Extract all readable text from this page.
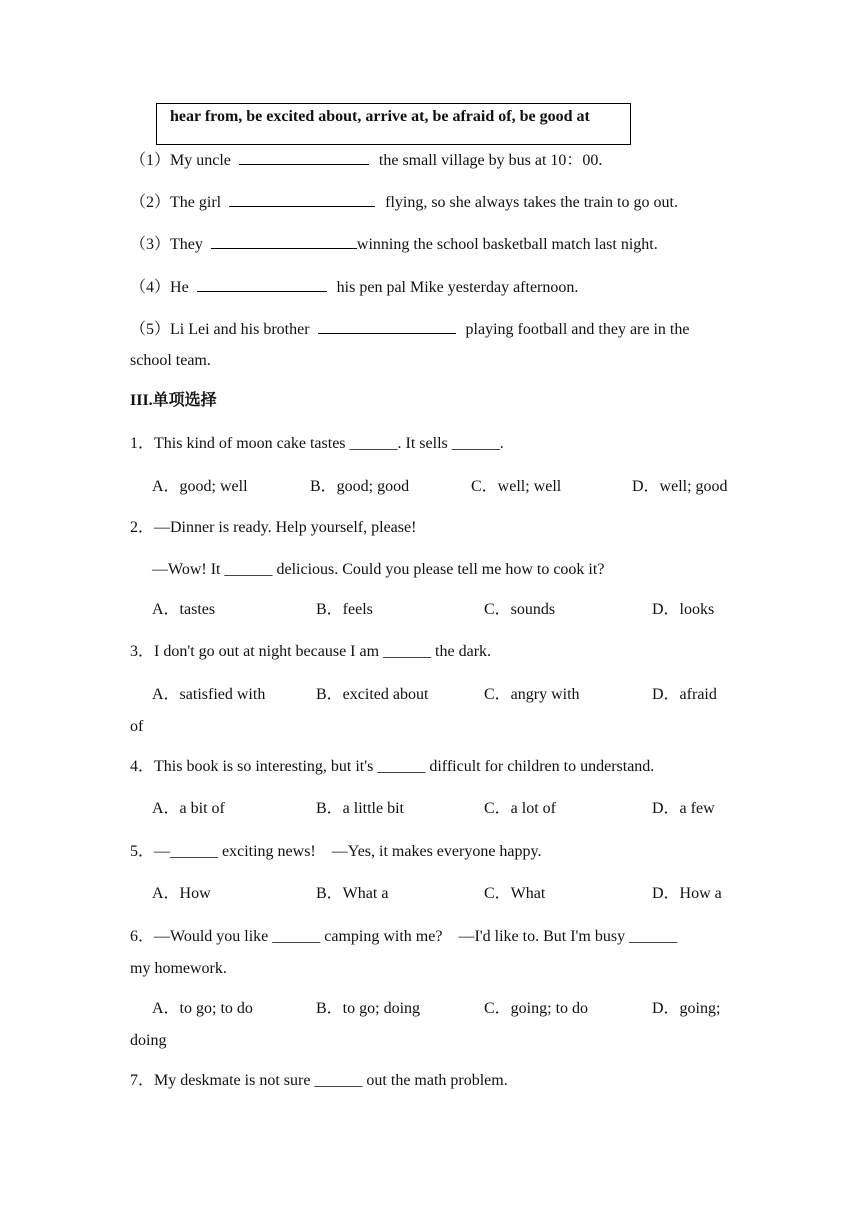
hear from, be excited about, arrive at, be afraid of, be good at
（1）My uncle	the small village by bus at 10：00.
（2）The girl	flying, so she always takes the train to go out.
（3）They	winning the school basketball match last night.
（4）He	his pen pal Mike yesterday afternoon.
（5）Li Lei and his brother	playing football and they are in the
school team.
III.单项选择
1．This kind of moon cake tastes ______. It sells ______.
A．good; well	B．good; good	C．well; well	D．well; good
2．—Dinner is ready. Help yourself, please!
—Wow! It ______ delicious. Could you please tell me how to cook it?
A．tastes	B．feels	C．sounds	D．looks
3．I don't go out at night because I am ______ the dark.
A．satisfied with	B．excited about	C．angry with	D．afraid
of
4．This book is so interesting, but it's ______ difficult for children to understand.
A．a bit of	B．a little bit	C．a lot of	D．a few
5．—______ exciting news!    —Yes, it makes everyone happy.
A．How	B．What a	C．What	D．How a
6．—Would you like ______ camping with me?    —I'd like to. But I'm busy ______
my homework.
A．to go; to do	B．to go; doing	C．going; to do	D．going;
doing
7．My deskmate is not sure ______ out the math problem.
